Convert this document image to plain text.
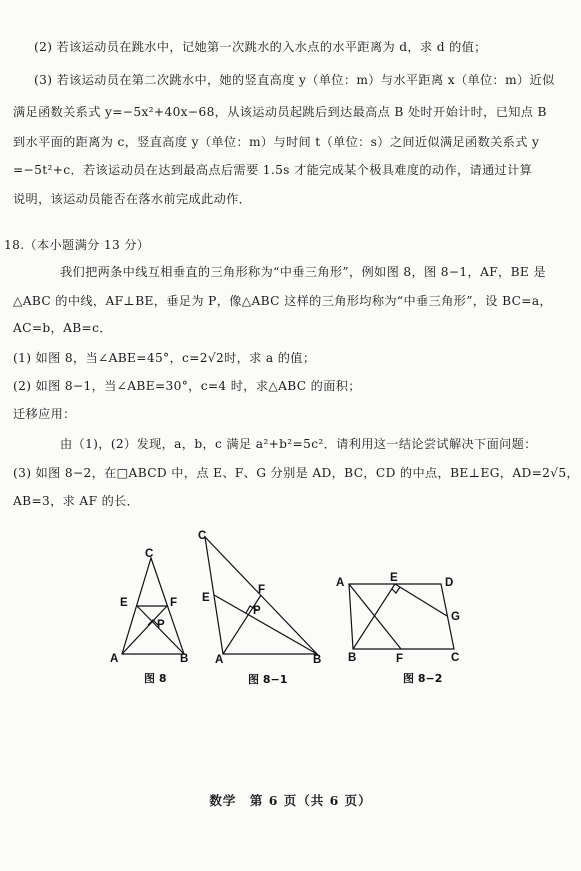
(2) 若该运动员在跳水中，记她第一次跳水的入水点的水平距离为 d，求 d 的值；
(3) 若该运动员在第二次跳水中，她的竖直高度 y（单位：m）与水平距离 x（单位：m）近似
满足函数关系式 y=−5x²+40x−68，从该运动员起跳后到达最高点 B 处时开始计时，已知点 B
到水平面的距离为 c，竖直高度 y（单位：m）与时间 t（单位：s）之间近似满足函数关系式 y
=−5t²+c．若该运动员在达到最高点后需要 1.5s 才能完成某个极具难度的动作，请通过计算
说明，该运动员能否在落水前完成此动作．
18.（本小题满分 13 分）
我们把两条中线互相垂直的三角形称为“中垂三角形”，例如图 8，图 8−1，AF，BE 是
△ABC 的中线，AF⊥BE，垂足为 P，像△ABC 这样的三角形均称为“中垂三角形”，设 BC=a，
AC=b，AB=c．
(1) 如图 8，当∠ABE=45°，c=2√2时，求 a 的值；
(2) 如图 8−1，当∠ABE=30°，c=4 时，求△ABC 的面积；
迁移应用：
由（1)，(2）发现，a，b，c 满足 a²+b²=5c²．请利用这一结论尝试解决下面问题：
(3) 如图 8−2，在□ABCD 中，点 E、F、G 分别是 AD，BC，CD 的中点，BE⊥EG，AD=2√5，
AB=3，求 AF 的长．
C
E	F
P
A	B
图 8
C
E
F
P
A	B
图 8−1
A	E	D
G
B	F	C
图 8−2
数学　第 6 页（共 6 页）
